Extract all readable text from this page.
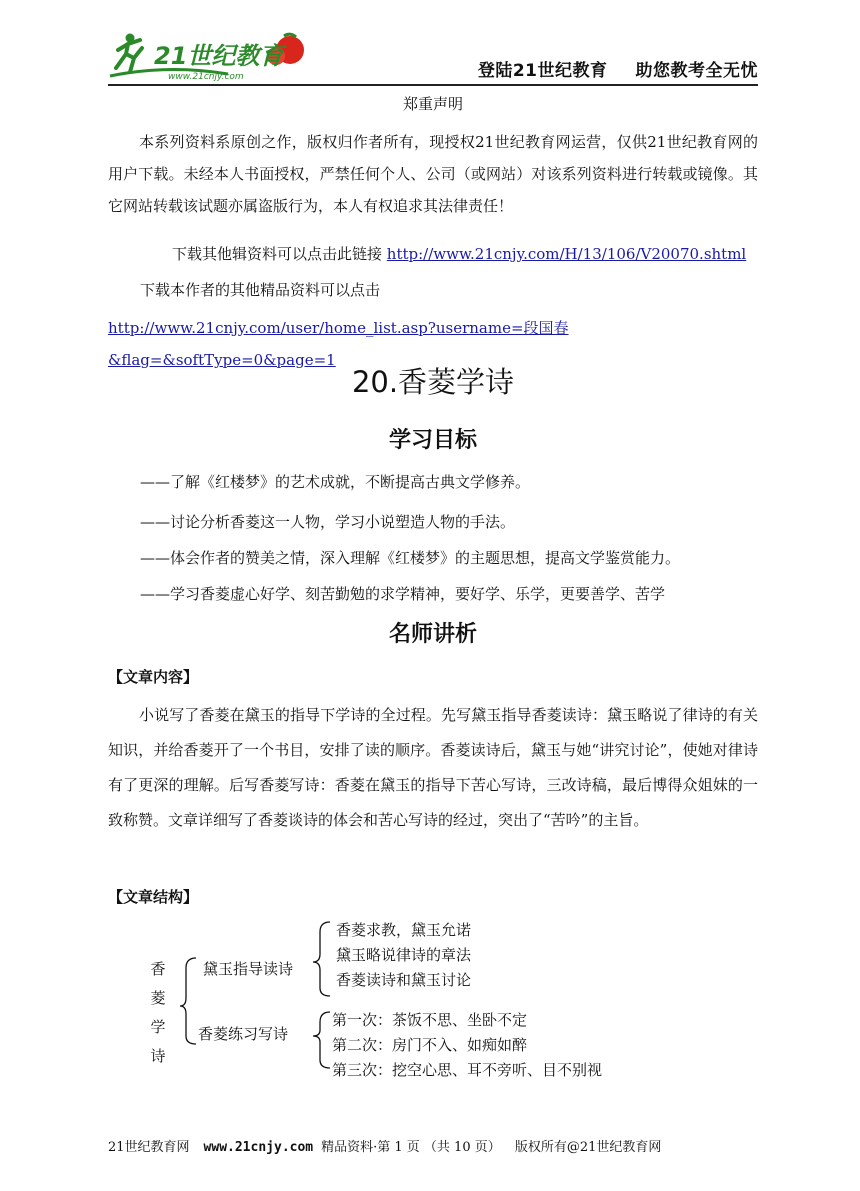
21世纪教育
www.21cnjy.com	登陆21世纪教育 助您教考全无忧
郑重声明
本系列资料系原创之作，版权归作者所有，现授权21世纪教育网运营，仅供21世纪教育网的用户下载。未经本人书面授权，严禁任何个人、公司（或网站）对该系列资料进行转载或镜像。其它网站转载该试题亦属盗版行为，本人有权追求其法律责任！
下载其他辑资料可以点击此链接 http://www.21cnjy.com/H/13/106/V20070.shtml
下载本作者的其他精品资料可以点击
http://www.21cnjy.com/user/home_list.asp?username=段国春&flag=&softType=0&page=1
20.香菱学诗
学习目标
——了解《红楼梦》的艺术成就，不断提高古典文学修养。
——讨论分析香菱这一人物，学习小说塑造人物的手法。
——体会作者的赞美之情，深入理解《红楼梦》的主题思想，提高文学鉴赏能力。
——学习香菱虚心好学、刻苦勤勉的求学精神，要好学、乐学，更要善学、苦学
名师讲析
【文章内容】
小说写了香菱在黛玉的指导下学诗的全过程。先写黛玉指导香菱读诗：黛玉略说了律诗的有关知识，并给香菱开了一个书目，安排了读的顺序。香菱读诗后，黛玉与她“讲究讨论”，使她对律诗有了更深的理解。后写香菱写诗：香菱在黛玉的指导下苦心写诗，三改诗稿，最后博得众姐妹的一致称赞。文章详细写了香菱谈诗的体会和苦心写诗的经过，突出了“苦吟”的主旨。
【文章结构】
香
菱
学
诗
黛玉指导读诗
香菱练习写诗
香菱求教，黛玉允诺
黛玉略说律诗的章法
香菱读诗和黛玉讨论
第一次：茶饭不思、坐卧不定
第二次：房门不入、如痴如醉
第三次：挖空心思、耳不旁听、目不别视
21世纪教育网 www.21cnjy.com 精品资料·第 1 页 （共 10 页） 版权所有@21世纪教育网
